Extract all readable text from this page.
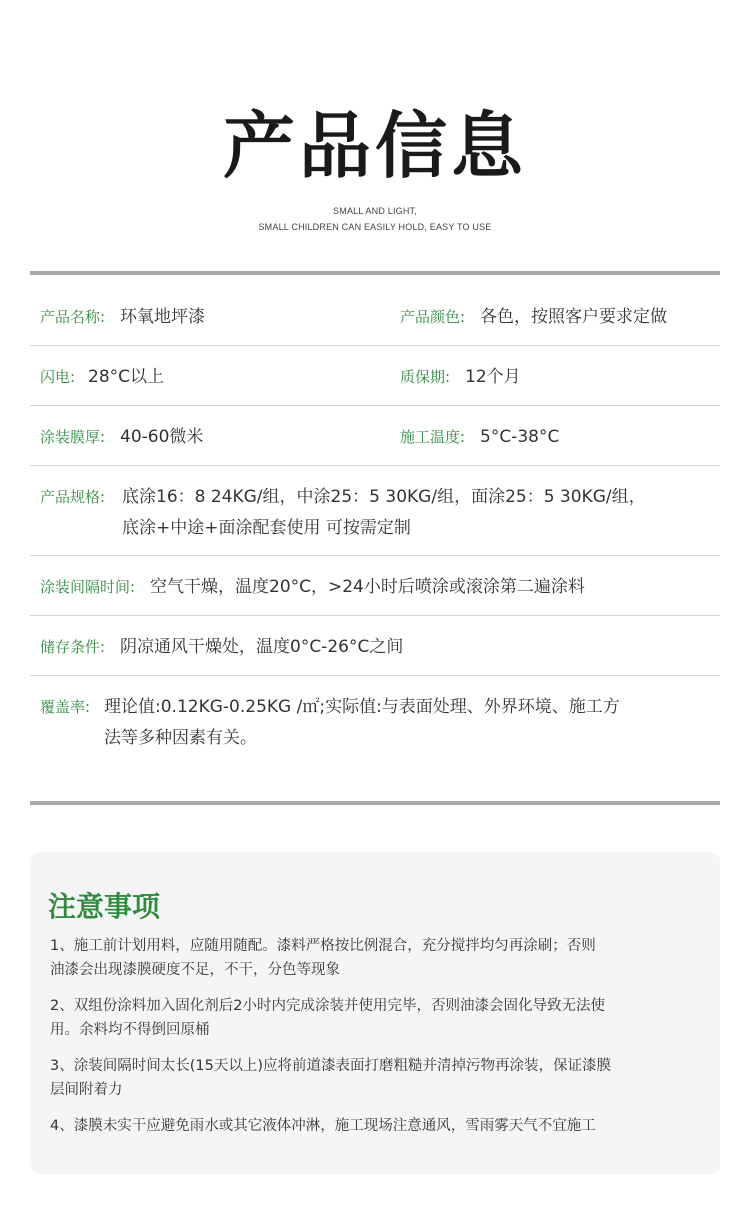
产品信息
SMALL AND LIGHT,
SMALL CHILDREN CAN EASILY HOLD, EASY TO USE
产品名称: 环氧地坪漆	产品颜色: 各色，按照客户要求定做
闪电: 28°C以上	质保期: 12个月
涂装膜厚: 40-60微米	施工温度: 5°C-38°C
产品规格: 底涂16：8 24KG/组，中涂25：5 30KG/组，面涂25：5 30KG/组，
底涂+中途+面涂配套使用 可按需定制
涂装间隔时间: 空气干燥，温度20°C，>24小时后喷涂或滚涂第二遍涂料
储存条件: 阴凉通风干燥处，温度0°C-26°C之间
覆盖率: 理论值:0.12KG-0.25KG /㎡;实际值:与表面处理、外界环境、施工方
法等多种因素有关。
注意事项
1、施工前计划用料，应随用随配。漆料严格按比例混合，充分搅拌均匀再涂刷；否则
油漆会出现漆膜硬度不足，不干，分色等现象
2、双组份涂料加入固化剂后2小时内完成涂装并使用完毕，否则油漆会固化导致无法使
用。余料均不得倒回原桶
3、涂装间隔时间太长(15天以上)应将前道漆表面打磨粗糙并清掉污物再涂装，保证漆膜
层间附着力
4、漆膜未实干应避免雨水或其它液体冲淋，施工现场注意通风，雪雨雾天气不宜施工
